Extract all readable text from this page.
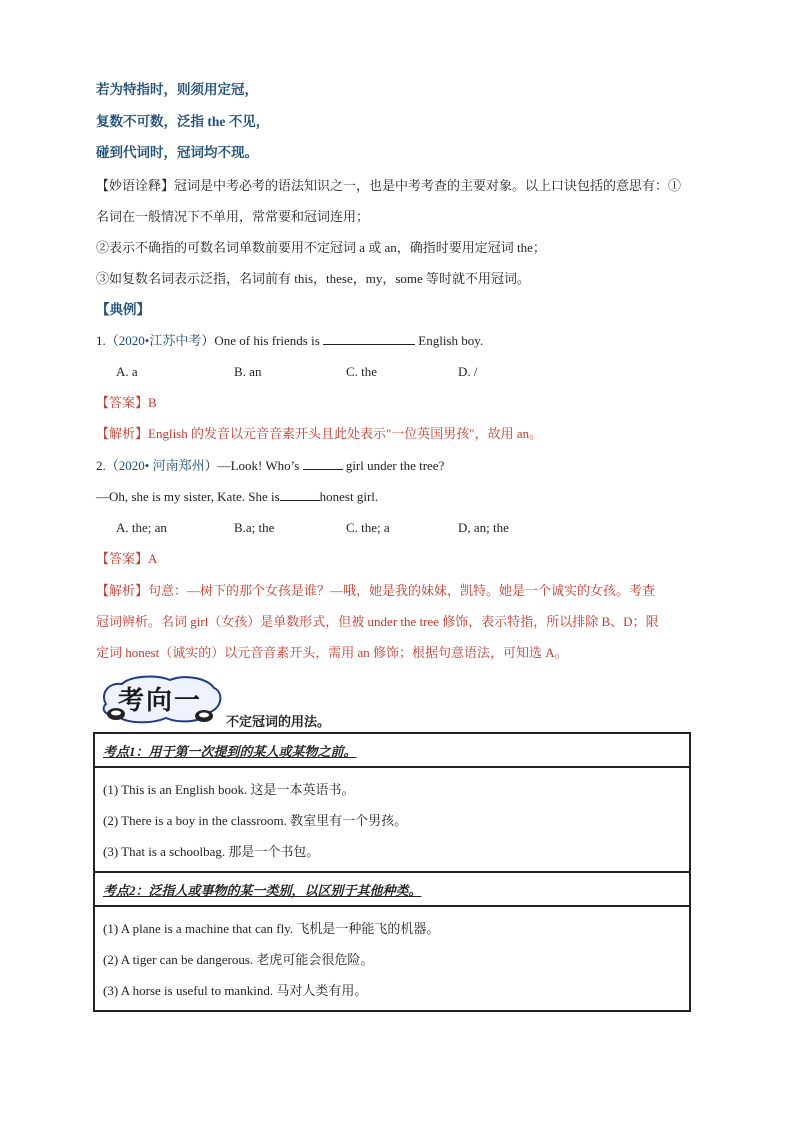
若为特指时，则须用定冠，
复数不可数，泛指 the 不见，
碰到代词时，冠词均不现。
【妙语诠释】冠词是中考必考的语法知识之一，也是中考考查的主要对象。以上口诀包括的意思有：①
名词在一般情况下不单用，常常要和冠词连用；
②表示不确指的可数名词单数前要用不定冠词 a 或 an，确指时要用定冠词 the；
③如复数名词表示泛指，名词前有 this，these，my，some 等时就不用冠词。
【典例】
1.（2020•江苏中考）One of his friends is	English boy.
A. a	B. an	C. the	D. /
【答案】B
【解析】English 的发音以元音音素开头且此处表示"一位英国男孩"，故用 an。
2.（2020• 河南郑州）—Look! Who’s	girl under the tree?
—Oh, she is my sister, Kate. She is	honest girl.
A. the; an	B.a; the	C. the; a	D, an; the
【答案】A
【解析】句意：—树下的那个女孩是谁？—哦，她是我的妹妹，凯特。她是一个诚实的女孩。考查
冠词辨析。名词 girl（女孩）是单数形式，但被 under the tree 修饰，表示特指，所以排除 B、D；限
考向一
不定冠词的用法。
考点1：用于第一次提到的某人或某物之前。
(1) This is an English book. 这是一本英语书。
(2) There is a boy in the classroom. 教室里有一个男孩。
(3) That is a schoolbag. 那是一个书包。
考点2：泛指人或事物的某一类别，以区别于其他种类。
(1) A plane is a machine that can fly. 飞机是一种能飞的机器。
(2) A tiger can be dangerous. 老虎可能会很危险。
(3) A horse is useful to mankind. 马对人类有用。
定词 honest（诚实的）以元音音素开头，需用 an 修饰；根据句意语法，可知选 A。
